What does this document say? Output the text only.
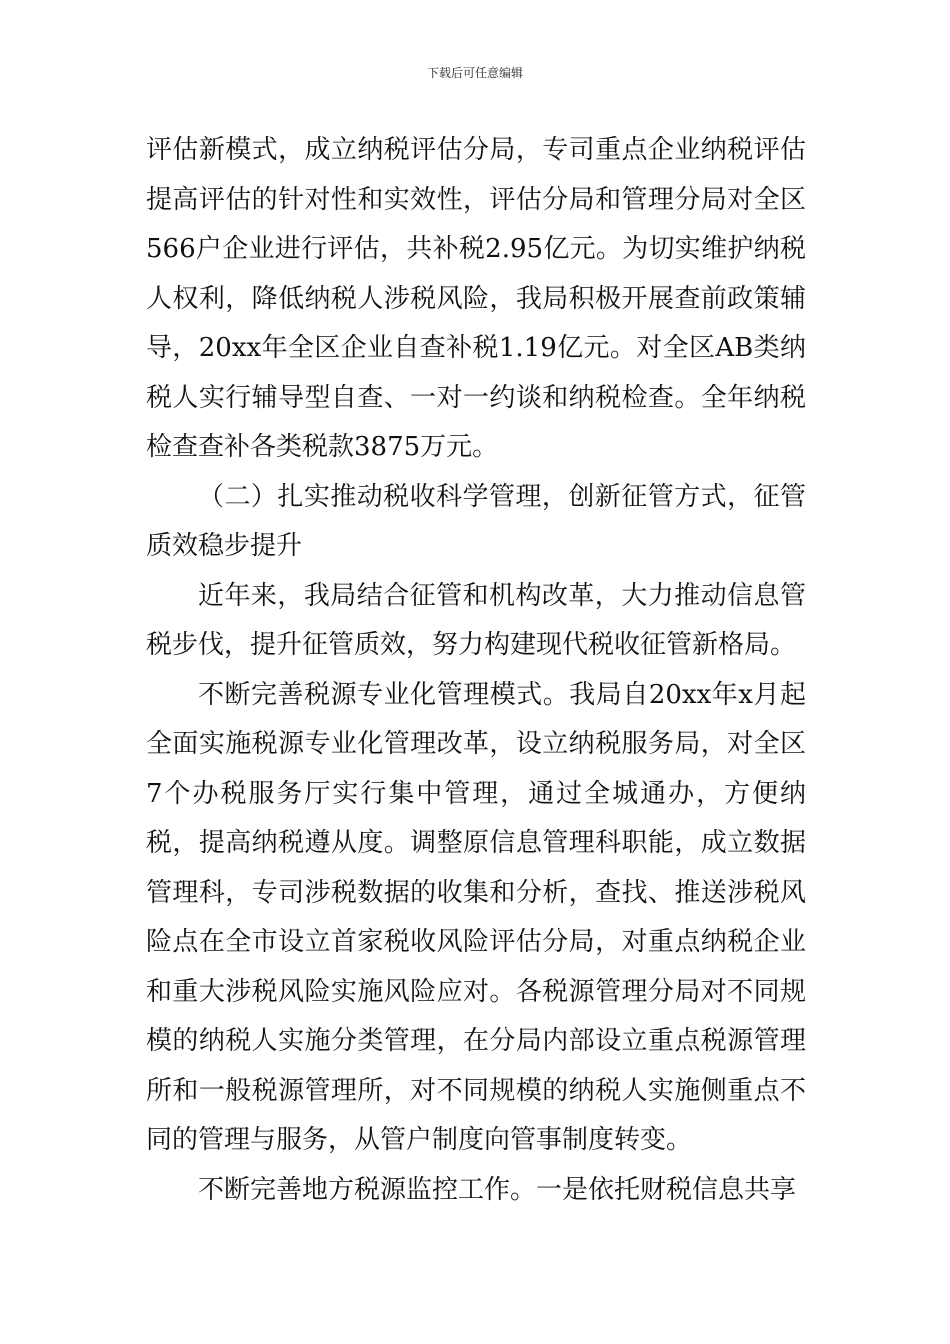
下载后可任意编辑

评估新模式，成立纳税评估分局，专司重点企业纳税评估提高评估的针对性和实效性，评估分局和管理分局对全区566户企业进行评估，共补税2.95亿元。为切实维护纳税人权利，降低纳税人涉税风险，我局积极开展查前政策辅导，20xx年全区企业自查补税1.19亿元。对全区AB类纳税人实行辅导型自查、一对一约谈和纳税检查。全年纳税检查查补各类税款3875万元。

（二）扎实推动税收科学管理，创新征管方式，征管质效稳步提升

近年来，我局结合征管和机构改革，大力推动信息管税步伐，提升征管质效，努力构建现代税收征管新格局。

不断完善税源专业化管理模式。我局自20xx年x月起全面实施税源专业化管理改革，设立纳税服务局，对全区7个办税服务厅实行集中管理，通过全城通办，方便纳税，提高纳税遵从度。调整原信息管理科职能，成立数据管理科，专司涉税数据的收集和分析，查找、推送涉税风险点在全市设立首家税收风险评估分局，对重点纳税企业和重大涉税风险实施风险应对。各税源管理分局对不同规模的纳税人实施分类管理，在分局内部设立重点税源管理所和一般税源管理所，对不同规模的纳税人实施侧重点不同的管理与服务，从管户制度向管事制度转变。

不断完善地方税源监控工作。一是依托财税信息共享
